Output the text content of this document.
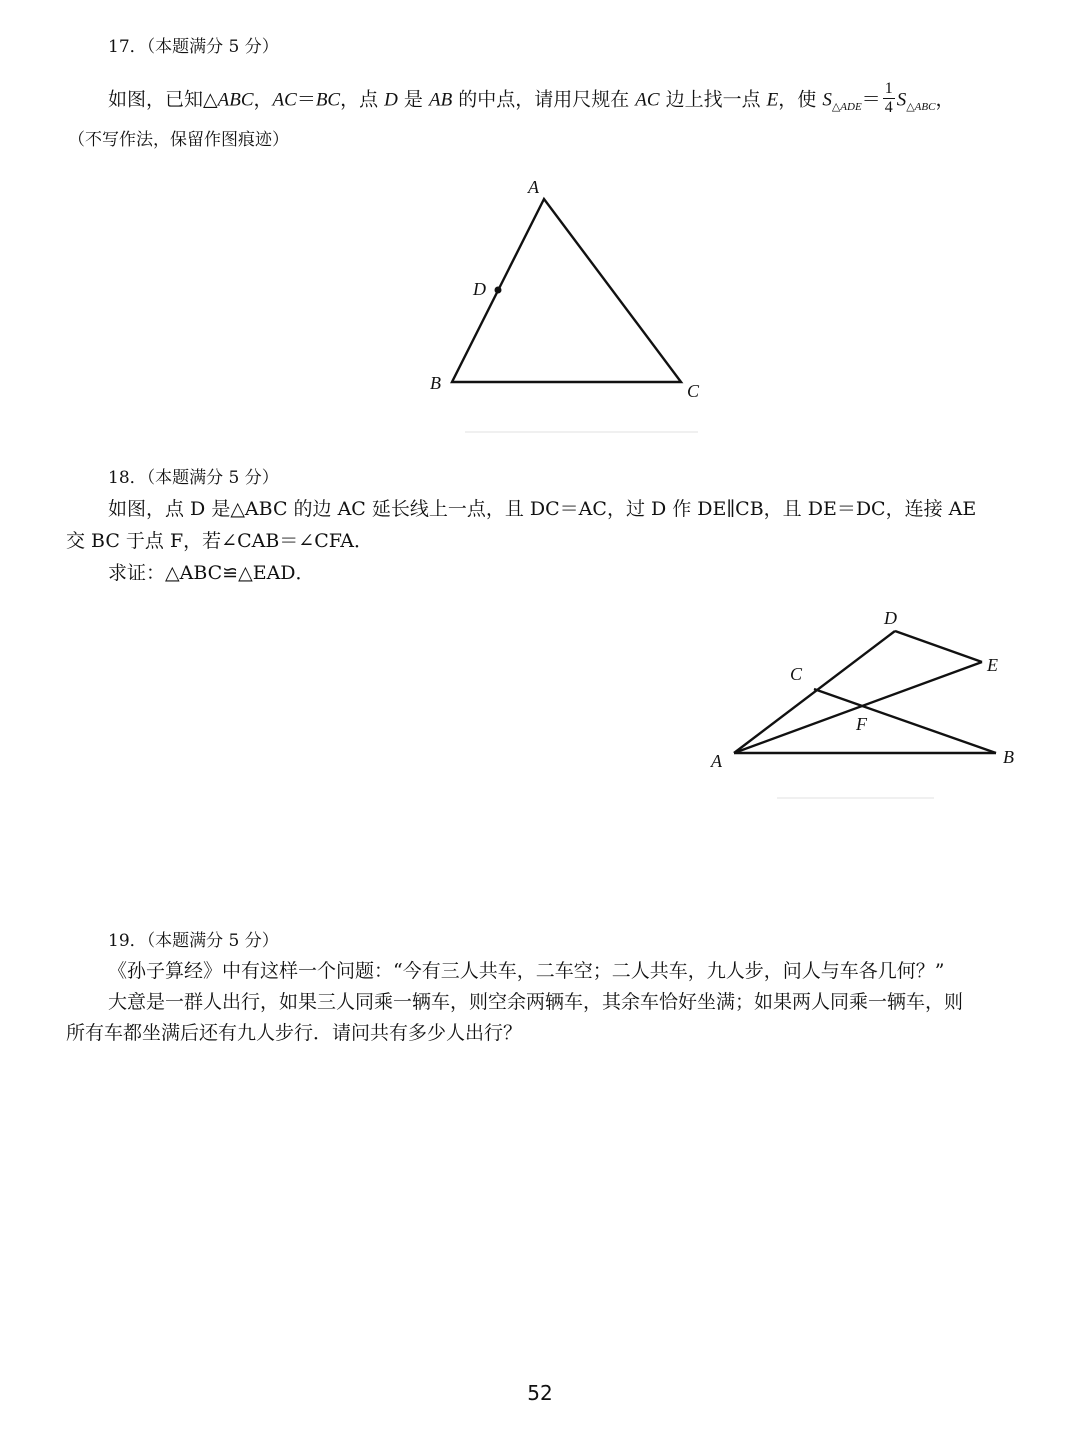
17．（本题满分 5 分）
如图，已知△ABC，AC＝BC，点 D 是 AB 的中点，请用尺规在 AC 边上找一点 E，使 $S_{\triangle ADE}= \frac{1}{4} S_{\triangle ABC}$，
（不写作法，保留作图痕迹）
A
D
B	C
18．（本题满分 5 分）
如图，点 D 是△ABC 的边 AC 延长线上一点，且 DC＝AC，过 D 作 DE∥CB，且 DE＝DC，连接 AE
交 BC 于点 F，若∠CAB＝∠CFA．
求证：△ABC≌△EAD．
D
E
C
F
A	B
19．（本题满分 5 分）
《孙子算经》中有这样一个问题：“今有三人共车，二车空；二人共车，九人步，问人与车各几何？”
大意是一群人出行，如果三人同乘一辆车，则空余两辆车，其余车恰好坐满；如果两人同乘一辆车，则
所有车都坐满后还有九人步行．请问共有多少人出行？
52
